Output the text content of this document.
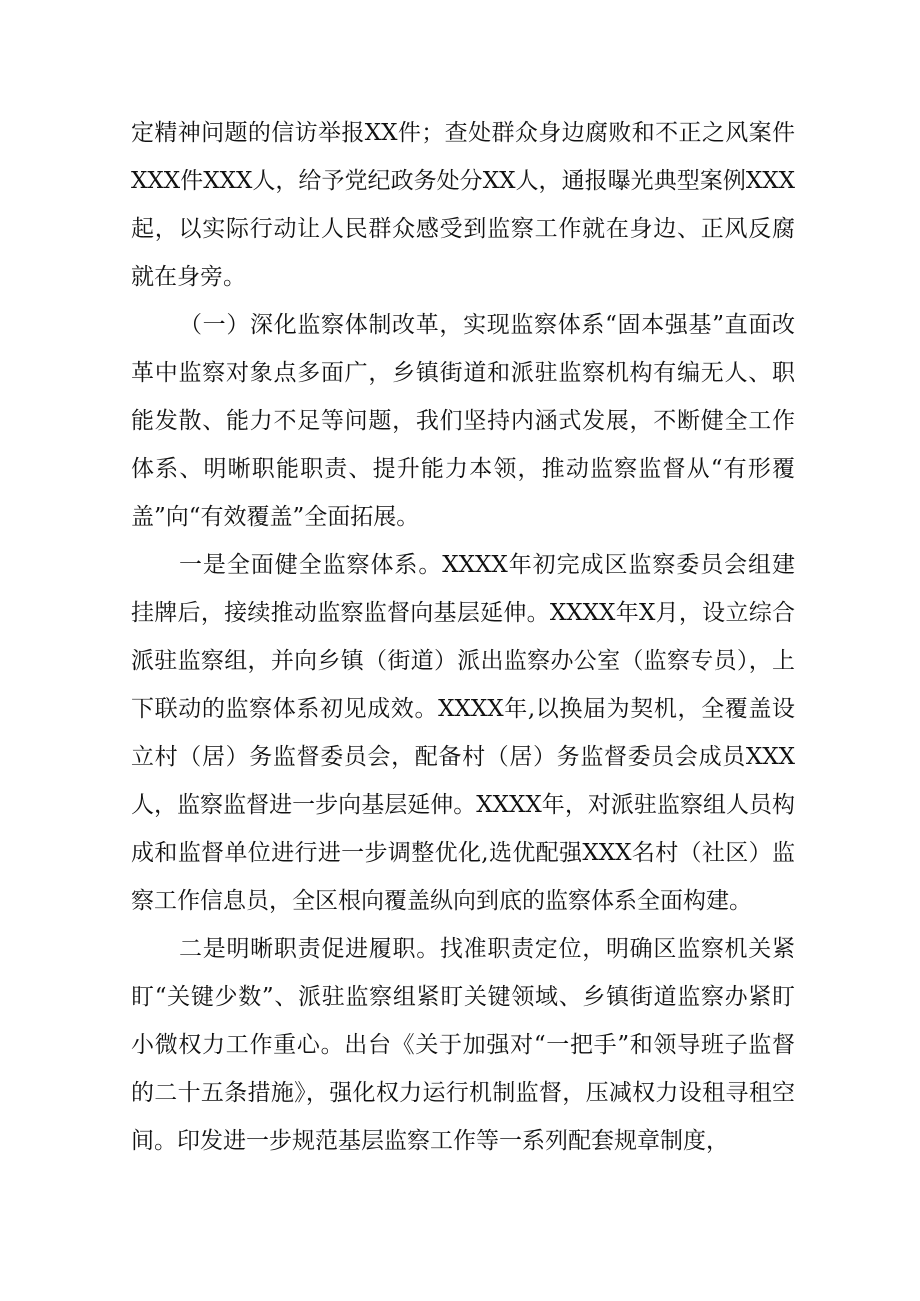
定精神问题的信访举报XX件；查处群众身边腐败和不正之风案件XXX件XXX人，给予党纪政务处分XX人，通报曝光典型案例XXX起，以实际行动让人民群众感受到监察工作就在身边、正风反腐就在身旁。

（一）深化监察体制改革，实现监察体系“固本强基”直面改革中监察对象点多面广，乡镇街道和派驻监察机构有编无人、职能发散、能力不足等问题，我们坚持内涵式发展，不断健全工作体系、明晰职能职责、提升能力本领，推动监察监督从“有形覆盖”向“有效覆盖”全面拓展。

一是全面健全监察体系。XXXX年初完成区监察委员会组建挂牌后，接续推动监察监督向基层延伸。XXXX年X月，设立综合派驻监察组，并向乡镇（街道）派出监察办公室（监察专员），上下联动的监察体系初见成效。XXXX年,以换届为契机，全覆盖设立村（居）务监督委员会，配备村（居）务监督委员会成员XXX人，监察监督进一步向基层延伸。XXXX年，对派驻监察组人员构成和监督单位进行进一步调整优化,选优配强XXX名村（社区）监察工作信息员，全区根向覆盖纵向到底的监察体系全面构建。

二是明晰职责促进履职。找准职责定位，明确区监察机关紧盯“关键少数”、派驻监察组紧盯关键领域、乡镇街道监察办紧盯小微权力工作重心。出台《关于加强对“一把手”和领导班子监督的二十五条措施》，强化权力运行机制监督，压减权力设租寻租空间。印发进一步规范基层监察工作等一系列配套规章制度，
